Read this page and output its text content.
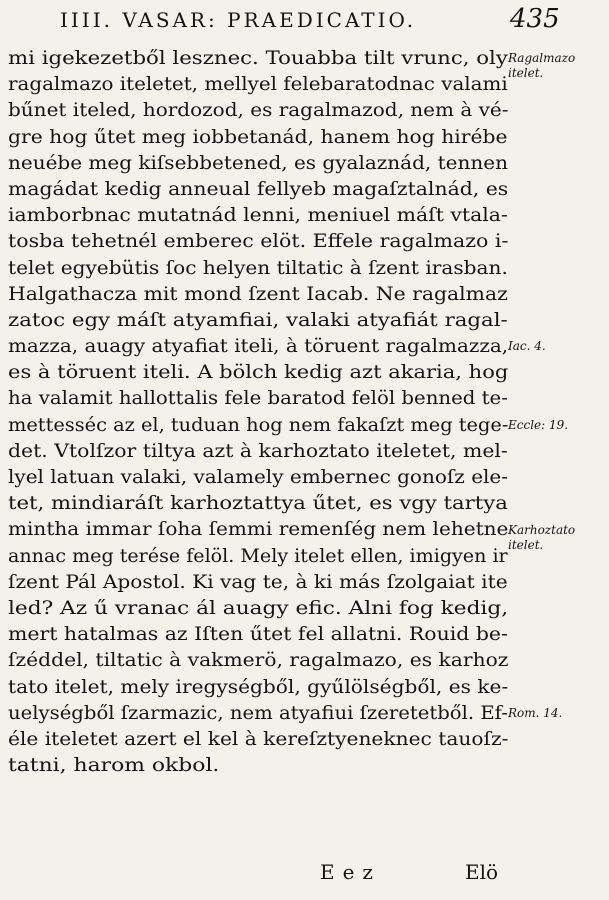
IIII. VASAR: PRAEDICATIO.	435
mi igekezetből lesznec. Touabba tilt vrunc, oly
ragalmazo iteletet, mellyel felebaratodnac valami
bűnet iteled, hordozod, es ragalmazod, nem à vé-
gre hog űtet meg iobbetanád, hanem hog hirébe
neuébe meg kiſsebbetened, es gyalaznád, tennen
magádat kedig anneual fellyeb magaſztalnád, es
iamborbnac mutatnád lenni, meniuel máſt vtala-
tosba tehetnél emberec elöt. Effele ragalmazo i-
telet egyebütis ſoc helyen tiltatic à ſzent irasban.
Halgathacza mit mond ſzent Iacab. Ne ragalmaz
zatoc egy máſt atyamfiai, valaki atyafiát ragal-
mazza, auagy atyafiat iteli, à töruent ragalmazza,
es à töruent iteli. A bölch kedig azt akaria, hog
ha valamit hallottalis fele baratod felöl benned te-
mettesséc az el, tuduan hog nem fakaſzt meg tege-
det. Vtolſzor tiltya azt à karhoztato iteletet, mel-
lyel latuan valaki, valamely embernec gonoſz ele-
tet, mindiaráſt karhoztattya űtet, es vgy tartya
mintha immar ſoha ſemmi remenſég nem lehetne
annac meg terése felöl. Mely itelet ellen, imigyen ir
ſzent Pál Apostol. Ki vag te, à ki más ſzolgaiat ite
led? Az ű vranac ál auagy efic. Alni fog kedig,
mert hatalmas az Iſten űtet fel allatni. Rouid be-
ſzéddel, tiltatic à vakmerö, ragalmazo, es karhoz
tato itelet, mely iregységből, gyűlölségből, es ke-
uelységből ſzarmazic, nem atyafiui ſzeretetből. Ef-
éle iteletet azert el kel à kereſztyeneknec tauoſz-
tatni, harom okbol.
Ragalmazo
itelet.
Iac. 4.
Eccle: 19.
Karhoztato
itelet.
Rom. 14.
Eez	Elö
